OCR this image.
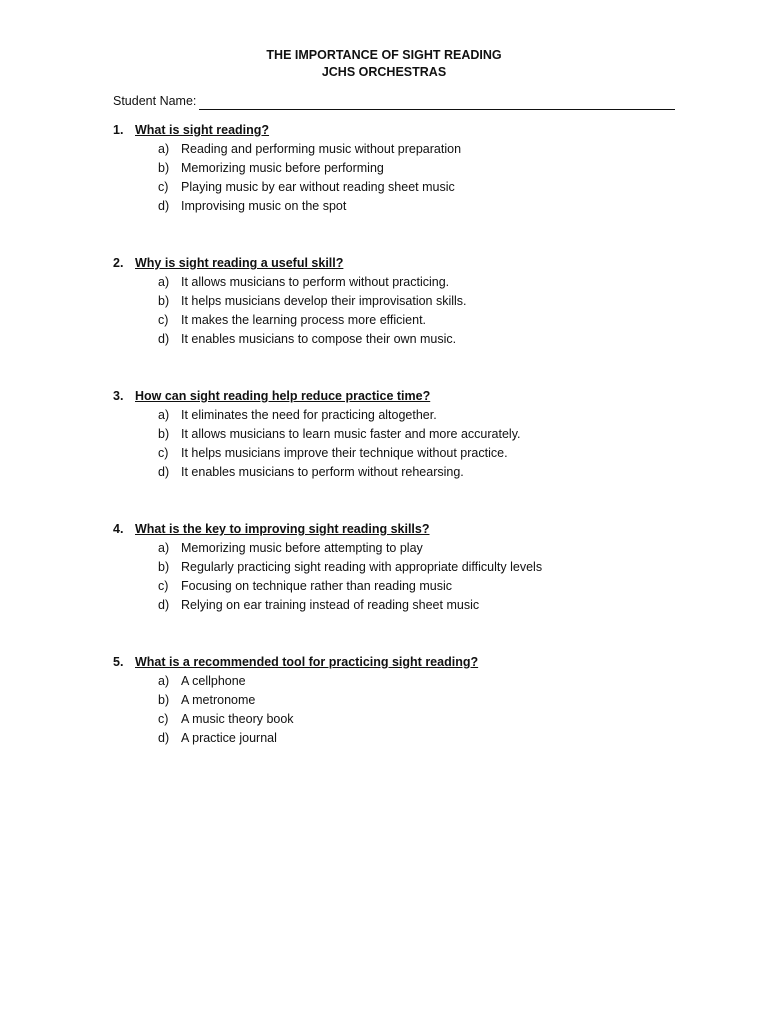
THE IMPORTANCE OF SIGHT READING
JCHS ORCHESTRAS
Student Name:
1. What is sight reading?
a) Reading and performing music without preparation
b) Memorizing music before performing
c)	Playing music by ear without reading sheet music
d) Improvising music on the spot
2. Why is sight reading a useful skill?
a) It allows musicians to perform without practicing.
b) It helps musicians develop their improvisation skills.
c)	It makes the learning process more efficient.
d) It enables musicians to compose their own music.
3. How can sight reading help reduce practice time?
a) It eliminates the need for practicing altogether.
b) It allows musicians to learn music faster and more accurately.
c)	It helps musicians improve their technique without practice.
d) It enables musicians to perform without rehearsing.
4. What is the key to improving sight reading skills?
a) Memorizing music before attempting to play
b) Regularly practicing sight reading with appropriate difficulty levels
c)	Focusing on technique rather than reading music
d) Relying on ear training instead of reading sheet music
5. What is a recommended tool for practicing sight reading?
a) A cellphone
b) A metronome
c)	A music theory book
d) A practice journal
